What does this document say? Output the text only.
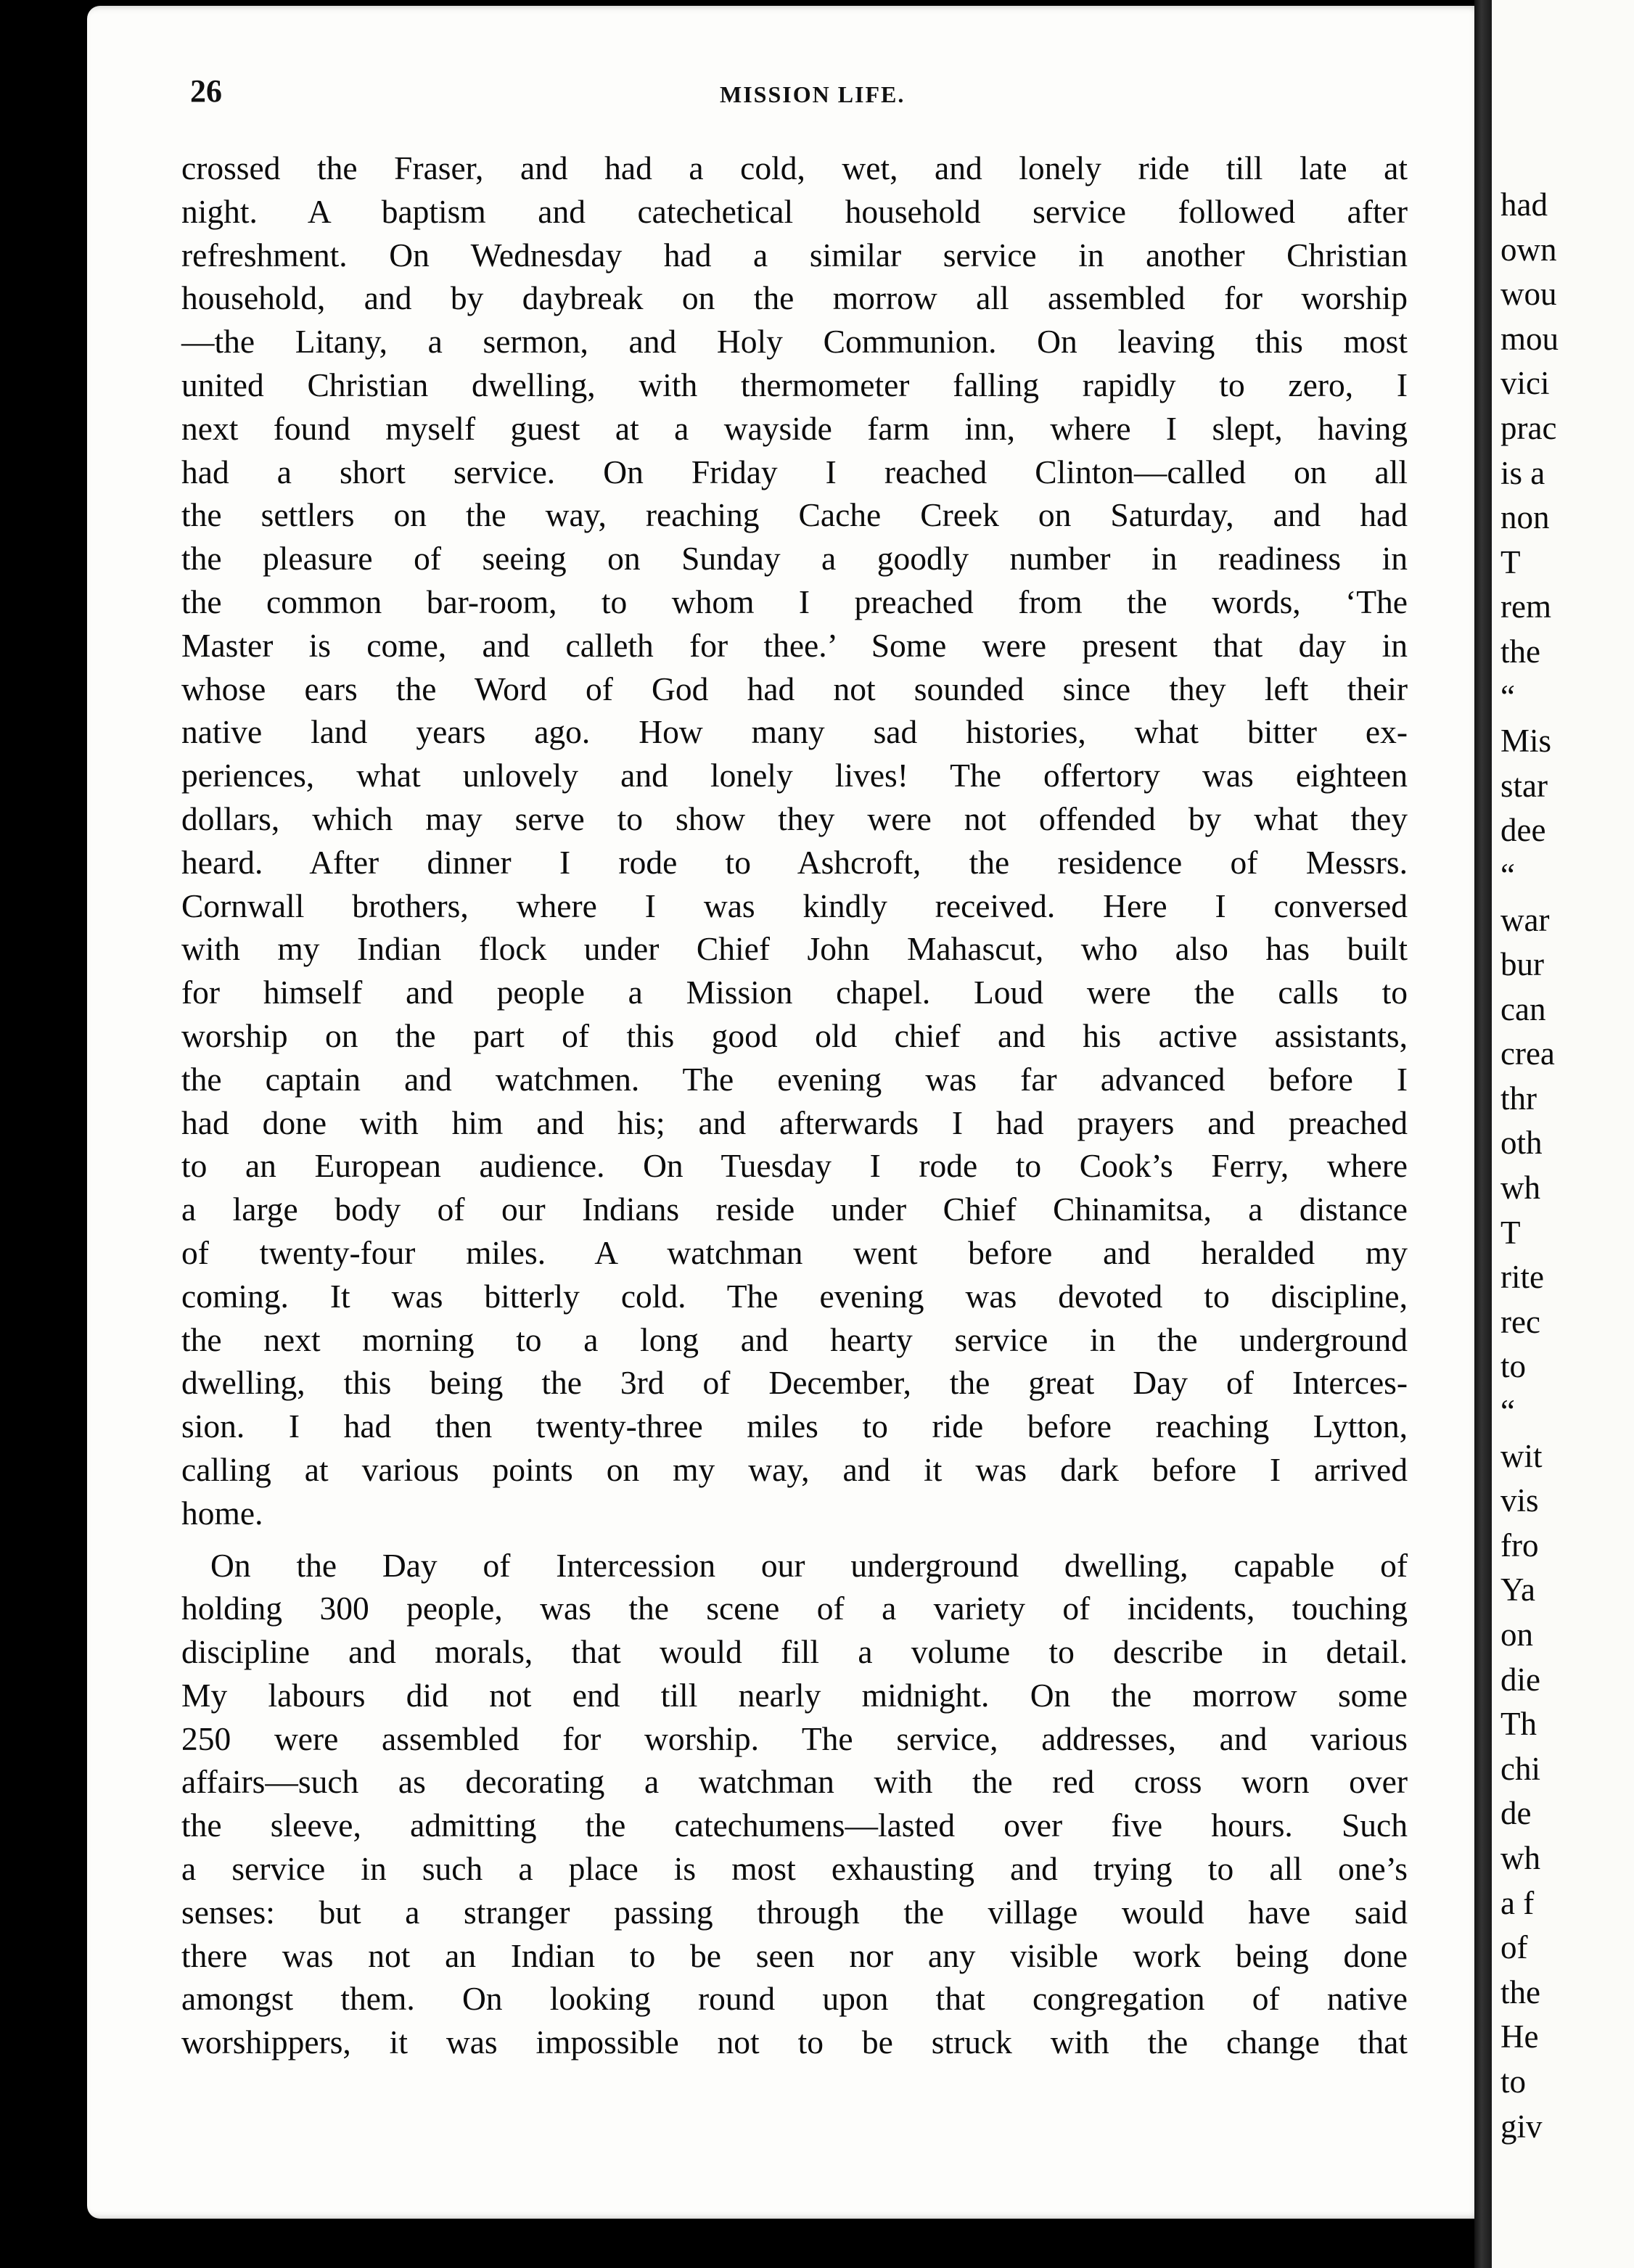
had
own
wou
mou
vici
prac
is a
non
T
rem
the
“
Mis
star
dee
“
war
bur
can
crea
thr
oth
wh
T
rite
rec
to
“
wit
vis
fro
Ya
on
die
Th
chi
de
wh
a f
of
the
He
to
giv
26	MISSION LIFE.
crossed the Fraser, and had a cold, wet, and lonely ride till late at
night. A baptism and catechetical household service followed after
refreshment. On Wednesday had a similar service in another Christian
household, and by daybreak on the morrow all assembled for worship
—the Litany, a sermon, and Holy Communion. On leaving this most
united Christian dwelling, with thermometer falling rapidly to zero, I
next found myself guest at a wayside farm inn, where I slept, having
had a short service. On Friday I reached Clinton—called on all
the settlers on the way, reaching Cache Creek on Saturday, and had
the pleasure of seeing on Sunday a goodly number in readiness in
the common bar-room, to whom I preached from the words, ‘The
Master is come, and calleth for thee.’ Some were present that day in
whose ears the Word of God had not sounded since they left their
native land years ago. How many sad histories, what bitter ex-
periences, what unlovely and lonely lives! The offertory was eighteen
dollars, which may serve to show they were not offended by what they
heard. After dinner I rode to Ashcroft, the residence of Messrs.
Cornwall brothers, where I was kindly received. Here I conversed
with my Indian flock under Chief John Mahascut, who also has built
for himself and people a Mission chapel. Loud were the calls to
worship on the part of this good old chief and his active assistants,
the captain and watchmen. The evening was far advanced before I
had done with him and his; and afterwards I had prayers and preached
to an European audience. On Tuesday I rode to Cook’s Ferry, where
a large body of our Indians reside under Chief Chinamitsa, a distance
of twenty-four miles. A watchman went before and heralded my
coming. It was bitterly cold. The evening was devoted to discipline,
the next morning to a long and hearty service in the underground
dwelling, this being the 3rd of December, the great Day of Interces-
sion. I had then twenty-three miles to ride before reaching Lytton,
calling at various points on my way, and it was dark before I arrived
home.
On the Day of Intercession our underground dwelling, capable of
holding 300 people, was the scene of a variety of incidents, touching
discipline and morals, that would fill a volume to describe in detail.
My labours did not end till nearly midnight. On the morrow some
250 were assembled for worship. The service, addresses, and various
affairs—such as decorating a watchman with the red cross worn over
the sleeve, admitting the catechumens—lasted over five hours. Such
a service in such a place is most exhausting and trying to all one’s
senses: but a stranger passing through the village would have said
there was not an Indian to be seen nor any visible work being done
amongst them. On looking round upon that congregation of native
worshippers, it was impossible not to be struck with the change that
